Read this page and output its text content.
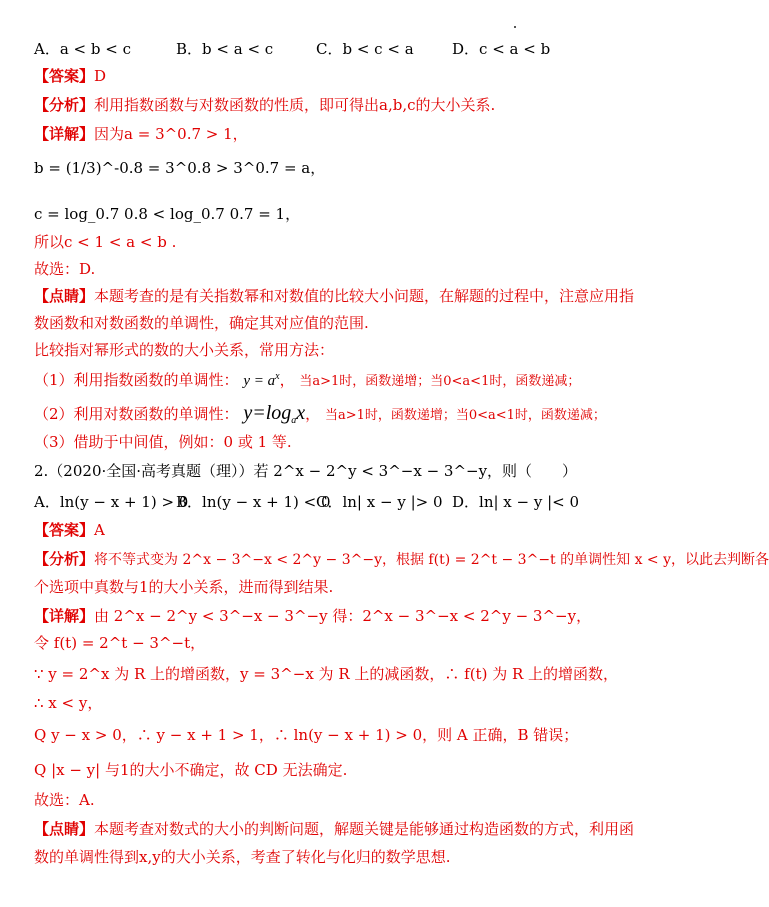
A．a < b < c	B．b < a < c	C．b < c < a	D．c < a < b
【答案】D
【分析】利用指数函数与对数函数的性质，即可得出a,b,c的大小关系.
【详解】因为a = 3^0.7 > 1，
b = (1/3)^-0.8 = 3^0.8 > 3^0.7 = a，
c = log_0.7 0.8 < log_0.7 0.7 = 1，
所以c < 1 < a < b .
故选：D.
【点睛】本题考查的是有关指数幂和对数值的比较大小问题，在解题的过程中，注意应用指
数函数和对数函数的单调性，确定其对应值的范围.
比较指对幂形式的数的大小关系，常用方法：
（1）利用指数函数的单调性： $y = a^x$， 当a>1时，函数递增；当0<a<1时，函数递减；
（2）利用对数函数的单调性： $y=\log_ax$， 当a>1时，函数递增；当0<a<1时，函数递减；
（3）借助于中间值，例如：0 或 1 等.
2.（2020·全国·高考真题（理））若 2^x − 2^y < 3^−x − 3^−y，则（　　）
A．ln(y − x + 1) > 0
B．ln(y − x + 1) < 0
C．ln| x − y |> 0 D．ln| x − y |< 0
【答案】A
【分析】将不等式变为 2^x − 3^−x < 2^y − 3^−y，根据 f(t) = 2^t − 3^−t 的单调性知 x < y，以此去判断各
个选项中真数与1的大小关系，进而得到结果.
【详解】由 2^x − 2^y < 3^−x − 3^−y 得：2^x − 3^−x < 2^y − 3^−y，
令 f(t) = 2^t − 3^−t，
∵ y = 2^x 为 R 上的增函数，y = 3^−x 为 R 上的减函数，∴ f(t) 为 R 上的增函数，
∴ x < y，
Q y − x > 0，∴ y − x + 1 > 1，∴ ln(y − x + 1) > 0，则 A 正确，B 错误；
Q |x − y| 与1的大小不确定，故 CD 无法确定.
故选：A.
【点睛】本题考查对数式的大小的判断问题，解题关键是能够通过构造函数的方式，利用函
数的单调性得到x,y的大小关系，考查了转化与化归的数学思想.
